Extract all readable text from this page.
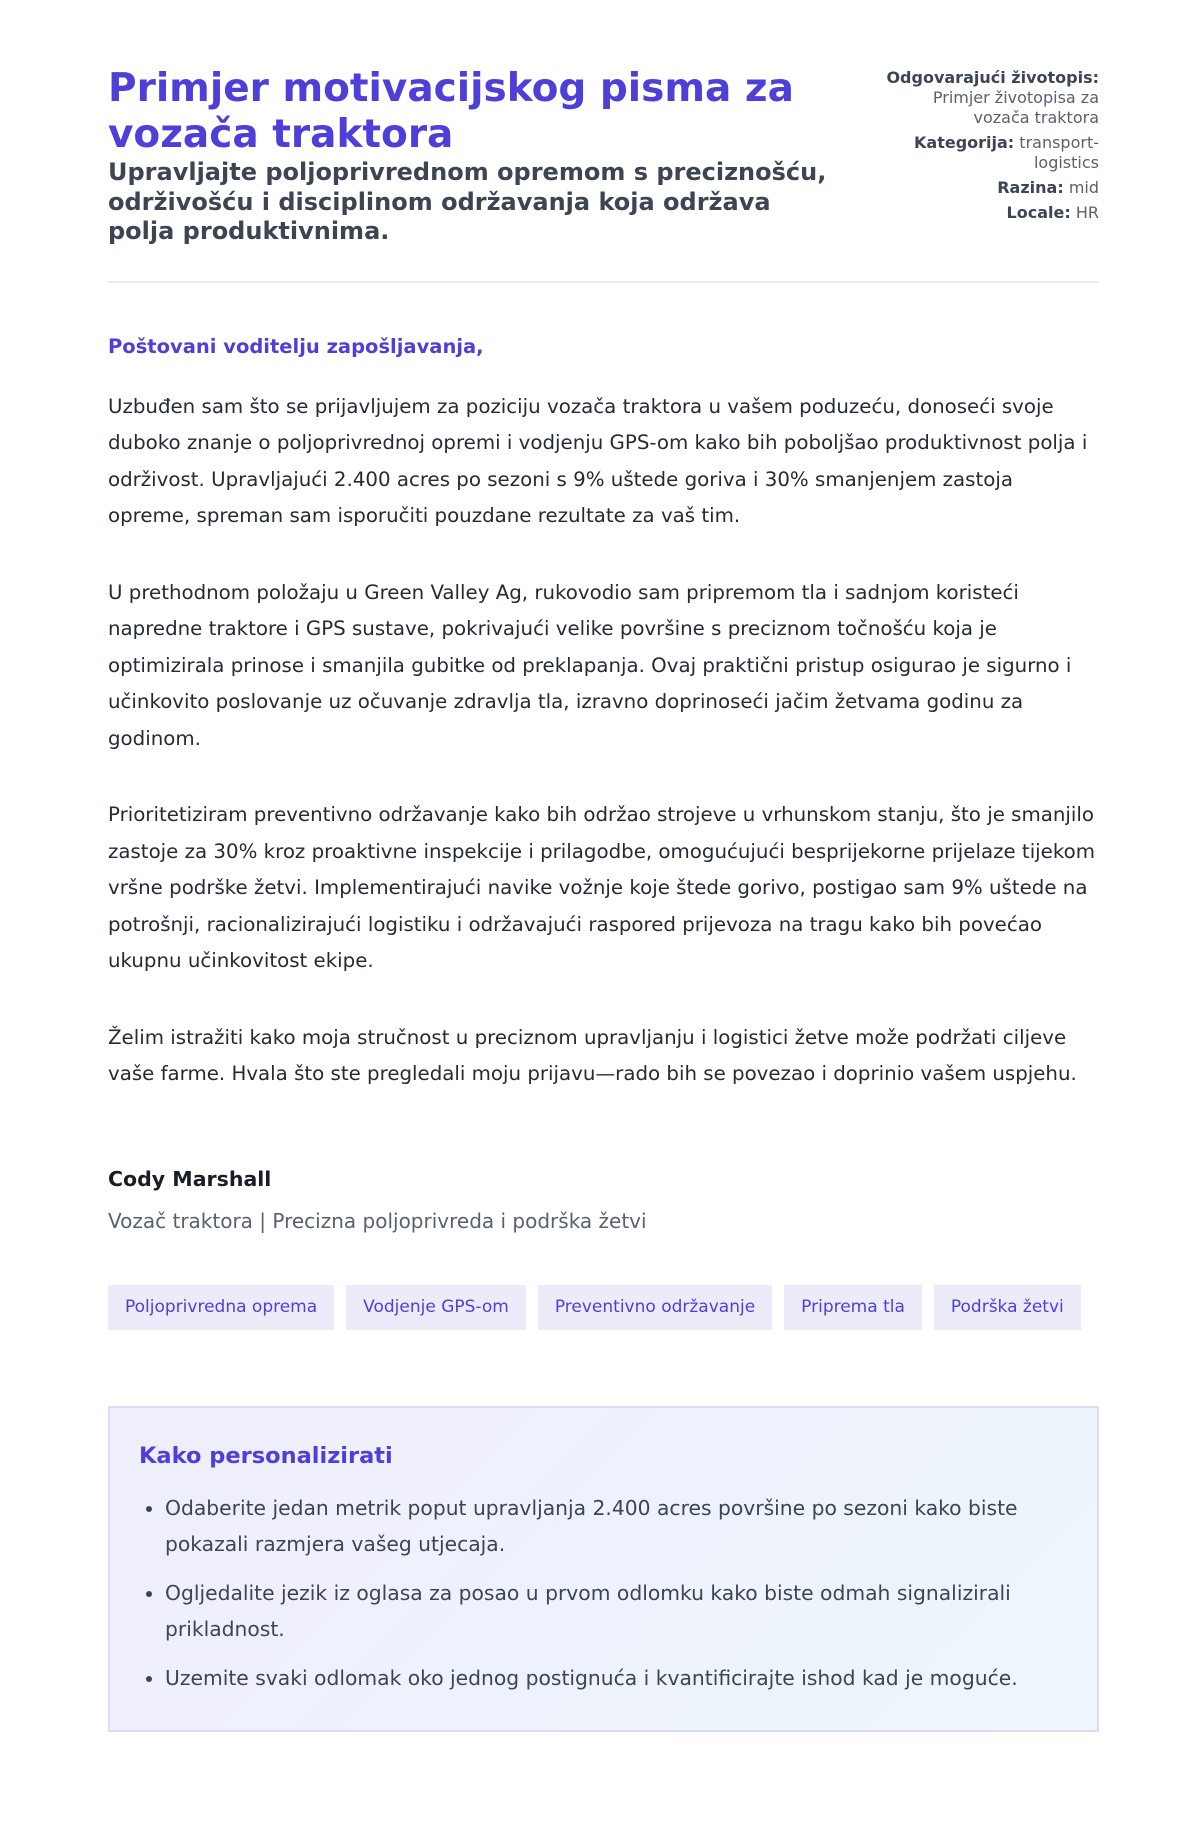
Primjer motivacijskog pisma za vozača traktora
Upravljajte poljoprivrednom opremom s preciznošću, održivošću i disciplinom održavanja koja održava polja produktivnima.
Odgovarajući životopis: Primjer životopisa za vozača traktora
Kategorija: transport-logistics
Razina: mid
Locale: HR
Poštovani voditelju zapošljavanja,

Uzbuđen sam što se prijavljujem za poziciju vozača traktora u vašem poduzeću, donoseći svoje duboko znanje o poljoprivrednoj opremi i vodjenju GPS-om kako bih poboljšao produktivnost polja i održivost. Upravljajući 2.400 acres po sezoni s 9% uštede goriva i 30% smanjenjem zastoja opreme, spreman sam isporučiti pouzdane rezultate za vaš tim.

U prethodnom položaju u Green Valley Ag, rukovodio sam pripremom tla i sadnjom koristeći napredne traktore i GPS sustave, pokrivajući velike površine s preciznom točnošću koja je optimizirala prinose i smanjila gubitke od preklapanja. Ovaj praktični pristup osigurao je sigurno i učinkovito poslovanje uz očuvanje zdravlja tla, izravno doprinoseći jačim žetvama godinu za godinom.

Prioritetiziram preventivno održavanje kako bih održao strojeve u vrhunskom stanju, što je smanjilo zastoje za 30% kroz proaktivne inspekcije i prilagodbe, omogućujući besprijekorne prijelaze tijekom vršne podrške žetvi. Implementirajući navike vožnje koje štede gorivo, postigao sam 9% uštede na potrošnji, racionalizirajući logistiku i održavajući raspored prijevoza na tragu kako bih povećao ukupnu učinkovitost ekipe.

Želim istražiti kako moja stručnost u preciznom upravljanju i logistici žetve može podržati ciljeve vaše farme. Hvala što ste pregledali moju prijavu—rado bih se povezao i doprinio vašem uspjehu.

Cody Marshall
Vozač traktora | Precizna poljoprivreda i podrška žetvi
Poljoprivredna oprema	Vodjenje GPS-om	Preventivno održavanje	Priprema tla	Podrška žetvi
Kako personalizirati
• Odaberite jedan metrik poput upravljanja 2.400 acres površine po sezoni kako biste pokazali razmjera vašeg utjecaja.
• Ogljedalite jezik iz oglasa za posao u prvom odlomku kako biste odmah signalizirali prikladnost.
• Uzemite svaki odlomak oko jednog postignuća i kvantificirajte ishod kad je moguće.
